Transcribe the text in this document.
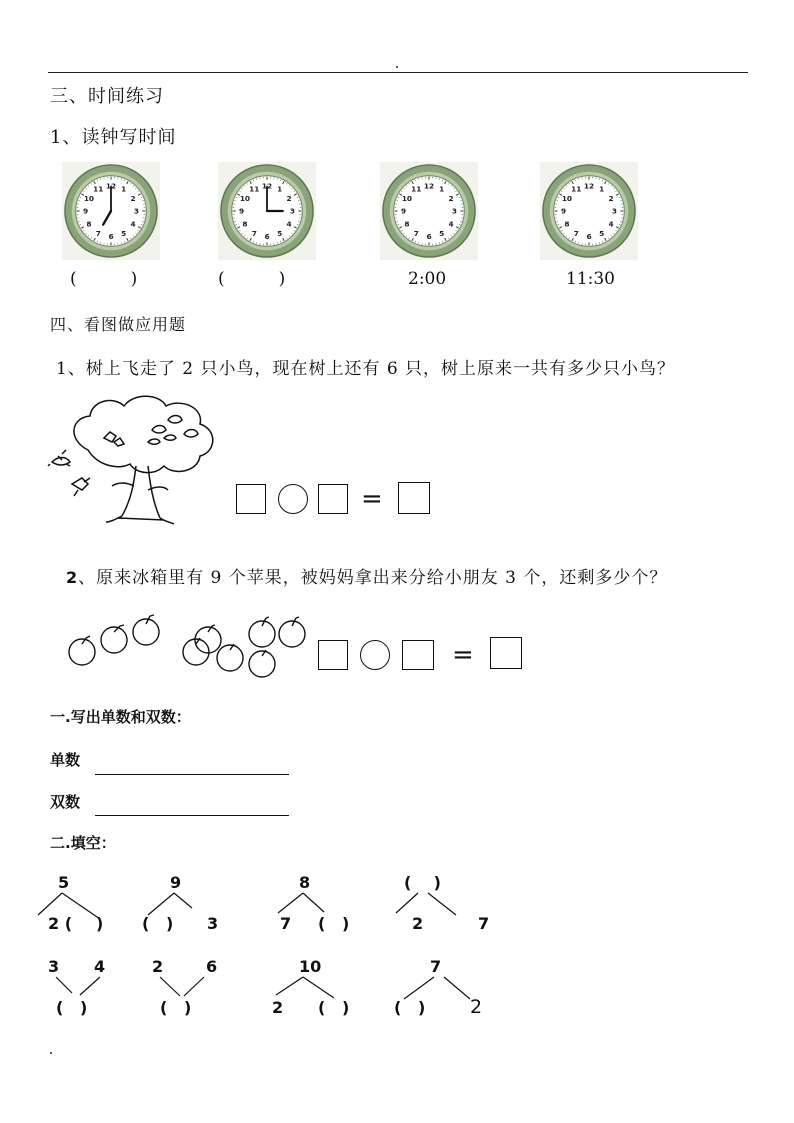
三、时间练习
1、读钟写时间
12 1
2
3
4
5
6
7
8
9
10
11	12 1
2
3
4
5
6
7
8
9
10
11	12 1
2
3
4
5
6
7
8
9
10
11	12 1
2
3
4
5
6
7
8
9
10
11
(          )	(          )	2:00	11:30
四、看图做应用题
1、树上飞走了 2 只小鸟，现在树上还有 6 只，树上原来一共有多少只小鸟？
=
2、原来冰箱里有 9 个苹果，被妈妈拿出来分给小朋友 3 个，还剩多少个？
=
一.写出单数和双数：
单数
双数
二.填空：
5
2 ( )
9
(   ) 3
8
7 (   )
(    )
2	7
3 4
(   )
2	6
(   )
10
2 (   )
7
(   ) 2
